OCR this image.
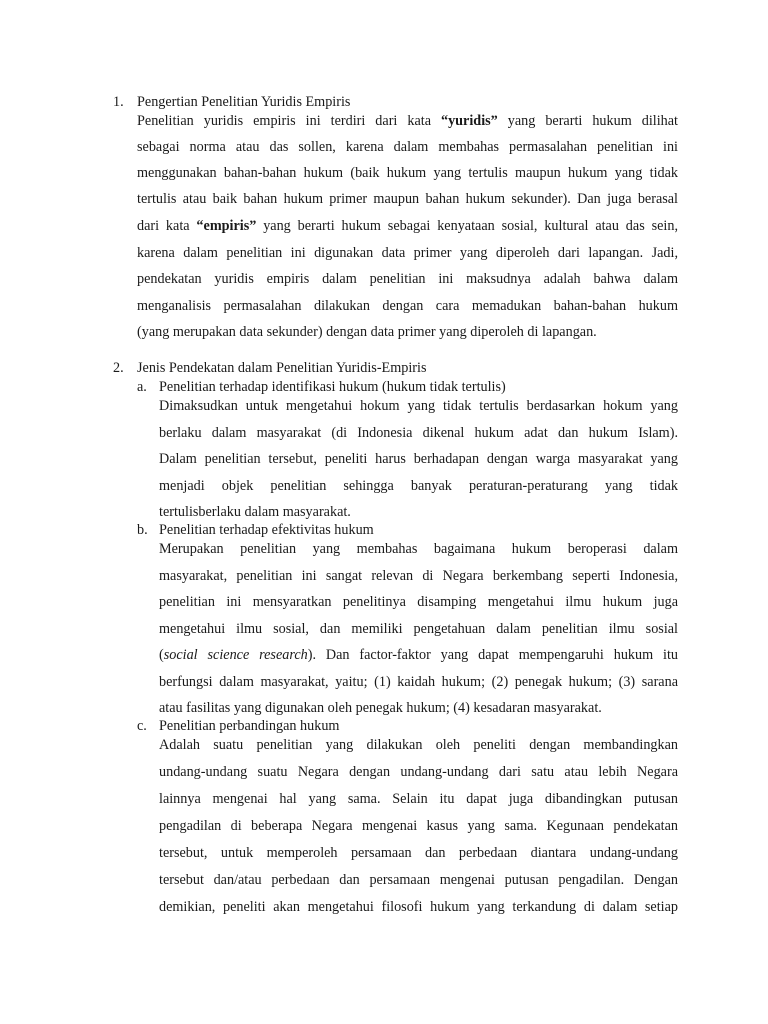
1. Pengertian Penelitian Yuridis Empiris
Penelitian yuridis empiris ini terdiri dari kata “yuridis” yang berarti hukum dilihat
sebagai norma atau das sollen, karena dalam membahas permasalahan penelitian ini
menggunakan bahan-bahan hukum (baik hukum yang tertulis maupun hukum yang tidak
tertulis atau baik bahan hukum primer maupun bahan hukum sekunder). Dan juga berasal
dari kata “empiris” yang berarti hukum sebagai kenyataan sosial, kultural atau das sein,
karena dalam penelitian ini digunakan data primer yang diperoleh dari lapangan. Jadi,
pendekatan yuridis empiris dalam penelitian ini maksudnya adalah bahwa dalam
menganalisis permasalahan dilakukan dengan cara memadukan bahan-bahan hukum
(yang merupakan data sekunder) dengan data primer yang diperoleh di lapangan.
2. Jenis Pendekatan dalam Penelitian Yuridis-Empiris
a. Penelitian terhadap identifikasi hukum (hukum tidak tertulis)
Dimaksudkan untuk mengetahui hokum yang tidak tertulis berdasarkan hokum yang
berlaku dalam masyarakat (di Indonesia dikenal hukum adat dan hukum Islam).
Dalam penelitian tersebut, peneliti harus berhadapan dengan warga masyarakat yang
menjadi objek penelitian sehingga banyak peraturan-peraturang yang tidak
tertulisberlaku dalam masyarakat.
b. Penelitian terhadap efektivitas hukum
Merupakan penelitian yang membahas bagaimana hukum beroperasi dalam
masyarakat, penelitian ini sangat relevan di Negara berkembang seperti Indonesia,
penelitian ini mensyaratkan penelitinya disamping mengetahui ilmu hukum juga
mengetahui ilmu sosial, dan memiliki pengetahuan dalam penelitian ilmu sosial
(social science research). Dan factor-faktor yang dapat mempengaruhi hukum itu
berfungsi dalam masyarakat, yaitu; (1) kaidah hukum; (2) penegak hukum; (3) sarana
atau fasilitas yang digunakan oleh penegak hukum; (4) kesadaran masyarakat.
c. Penelitian perbandingan hukum
Adalah suatu penelitian yang dilakukan oleh peneliti dengan membandingkan
undang-undang suatu Negara dengan undang-undang dari satu atau lebih Negara
lainnya mengenai hal yang sama. Selain itu dapat juga dibandingkan putusan
pengadilan di beberapa Negara mengenai kasus yang sama. Kegunaan pendekatan
tersebut, untuk memperoleh persamaan dan perbedaan diantara undang-undang
tersebut dan/atau perbedaan dan persamaan mengenai putusan pengadilan. Dengan
demikian, peneliti akan mengetahui filosofi hukum yang terkandung di dalam setiap
